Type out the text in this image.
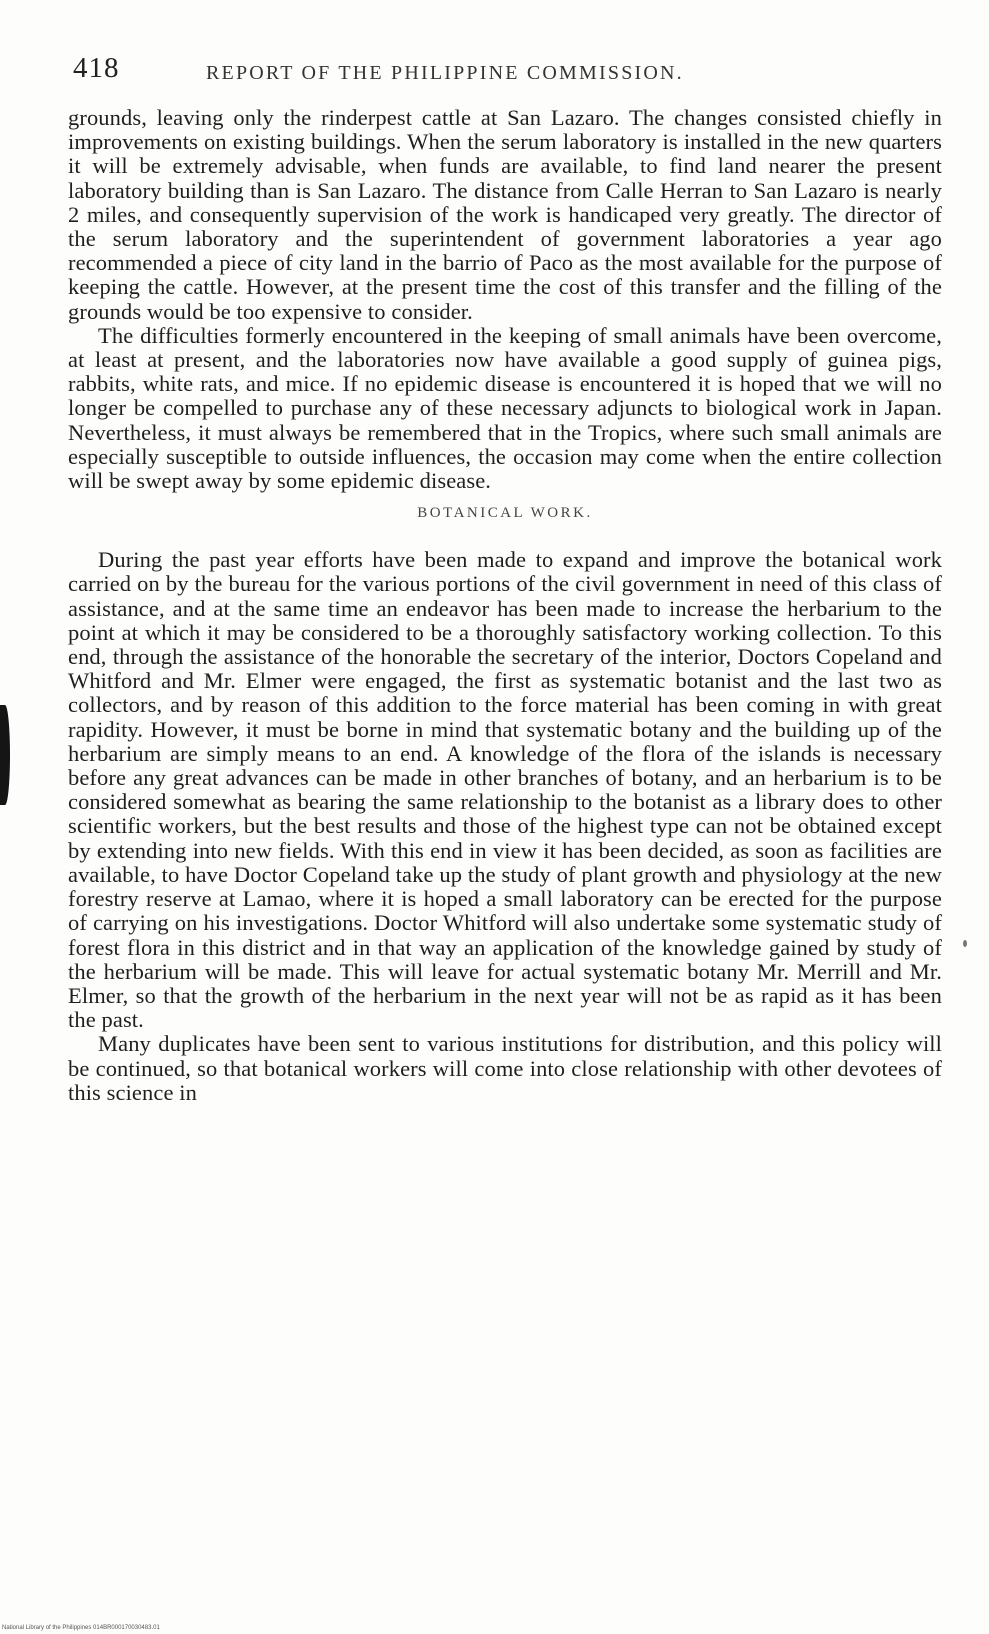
418	REPORT OF THE PHILIPPINE COMMISSION.

grounds, leaving only the rinderpest cattle at San Lazaro. The changes consisted chiefly in improvements on existing buildings. When the serum laboratory is installed in the new quarters it will be extremely advisable, when funds are available, to find land nearer the present laboratory building than is San Lazaro. The distance from Calle Herran to San Lazaro is nearly 2 miles, and consequently supervision of the work is handicaped very greatly. The director of the serum laboratory and the superintendent of government laboratories a year ago recommended a piece of city land in the barrio of Paco as the most available for the purpose of keeping the cattle. However, at the present time the cost of this transfer and the filling of the grounds would be too expensive to consider.

The difficulties formerly encountered in the keeping of small animals have been overcome, at least at present, and the laboratories now have available a good supply of guinea pigs, rabbits, white rats, and mice. If no epidemic disease is encountered it is hoped that we will no longer be compelled to purchase any of these necessary adjuncts to biological work in Japan. Nevertheless, it must always be remembered that in the Tropics, where such small animals are especially susceptible to outside influences, the occasion may come when the entire collection will be swept away by some epidemic disease.

BOTANICAL WORK.

During the past year efforts have been made to expand and improve the botanical work carried on by the bureau for the various portions of the civil government in need of this class of assistance, and at the same time an endeavor has been made to increase the herbarium to the point at which it may be considered to be a thoroughly satisfactory working collection. To this end, through the assistance of the honorable the secretary of the interior, Doctors Copeland and Whitford and Mr. Elmer were engaged, the first as systematic botanist and the last two as collectors, and by reason of this addition to the force material has been coming in with great rapidity. However, it must be borne in mind that systematic botany and the building up of the herbarium are simply means to an end. A knowledge of the flora of the islands is necessary before any great advances can be made in other branches of botany, and an herbarium is to be considered somewhat as bearing the same relationship to the botanist as a library does to other scientific workers, but the best results and those of the highest type can not be obtained except by extending into new fields. With this end in view it has been decided, as soon as facilities are available, to have Doctor Copeland take up the study of plant growth and physiology at the new forestry reserve at Lamao, where it is hoped a small laboratory can be erected for the purpose of carrying on his investigations. Doctor Whitford will also undertake some systematic study of forest flora in this district and in that way an application of the knowledge gained by study of the herbarium will be made. This will leave for actual systematic botany Mr. Merrill and Mr. Elmer, so that the growth of the herbarium in the next year will not be as rapid as it has been the past.

Many duplicates have been sent to various institutions for distribution, and this policy will be continued, so that botanical workers will come into close relationship with other devotees of this science in

National Library of the Philippines 014BR000170030483.01
